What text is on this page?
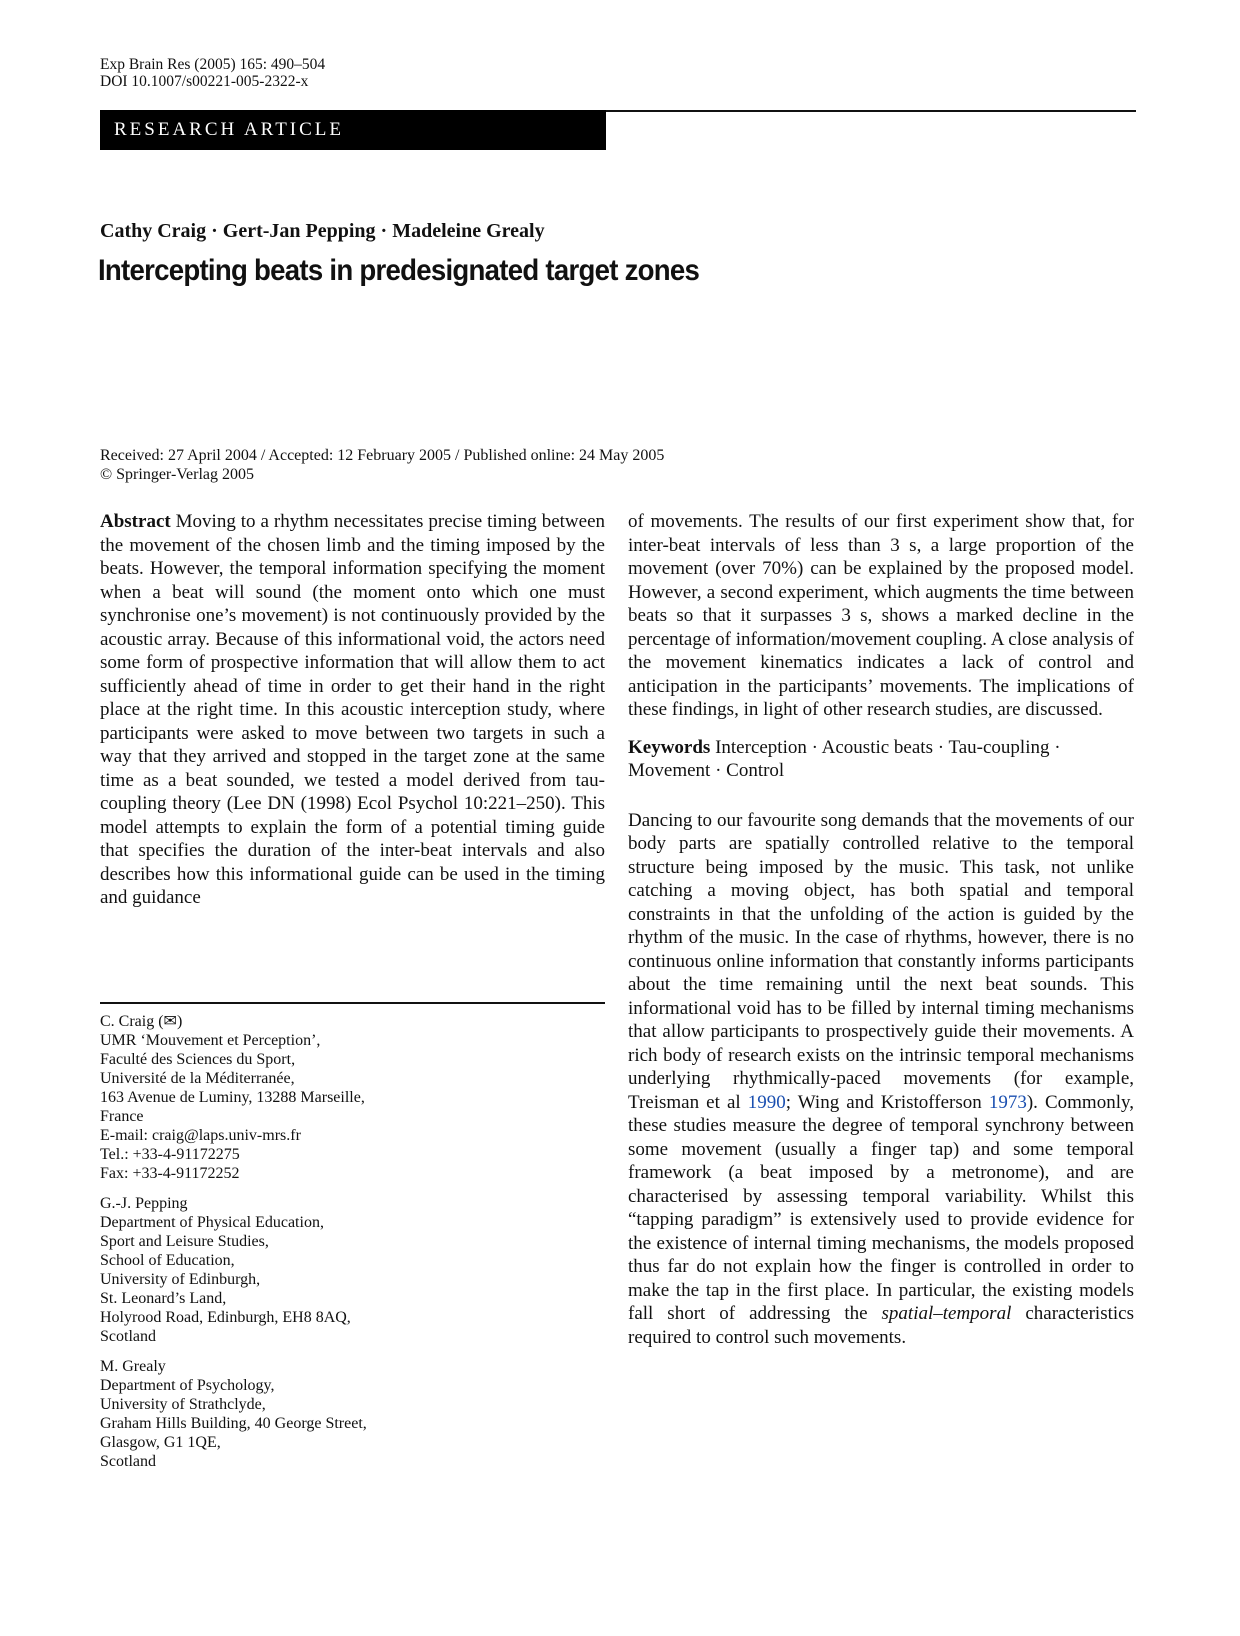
Exp Brain Res (2005) 165: 490–504
DOI 10.1007/s00221-005-2322-x
RESEARCH ARTICLE
Cathy Craig · Gert-Jan Pepping · Madeleine Grealy
Intercepting beats in predesignated target zones
Received: 27 April 2004 / Accepted: 12 February 2005 / Published online: 24 May 2005
© Springer-Verlag 2005

Abstract Moving to a rhythm necessitates precise timing between the movement of the chosen limb and the timing imposed by the beats. However, the temporal information specifying the moment when a beat will sound (the moment onto which one must synchronise one’s movement) is not continuously provided by the acoustic array. Because of this informational void, the actors need some form of prospective information that will allow them to act sufficiently ahead of time in order to get their hand in the right place at the right time. In this acoustic interception study, where participants were asked to move between two targets in such a way that they arrived and stopped in the target zone at the same time as a beat sounded, we tested a model derived from tau-coupling theory (Lee DN (1998) Ecol Psychol 10:221–250). This model attempts to explain the form of a potential timing guide that specifies the duration of the inter-beat intervals and also describes how this informational guide can be used in the timing and guidance

C. Craig (✉)
UMR ‘Mouvement et Perception’,
Faculté des Sciences du Sport,
Université de la Méditerranée,
163 Avenue de Luminy, 13288 Marseille,
France
E-mail: craig@laps.univ-mrs.fr
Tel.: +33-4-91172275
Fax: +33-4-91172252
G.-J. Pepping
Department of Physical Education,
Sport and Leisure Studies,
School of Education,
University of Edinburgh,
St. Leonard’s Land,
Holyrood Road, Edinburgh, EH8 8AQ,
Scotland
M. Grealy
Department of Psychology,
University of Strathclyde,
Graham Hills Building, 40 George Street,
Glasgow, G1 1QE,
Scotland

of movements. The results of our first experiment show that, for inter-beat intervals of less than 3 s, a large proportion of the movement (over 70%) can be explained by the proposed model. However, a second experiment, which augments the time between beats so that it surpasses 3 s, shows a marked decline in the percentage of information/movement coupling. A close analysis of the movement kinematics indicates a lack of control and anticipation in the participants’ movements. The implications of these findings, in light of other research studies, are discussed.

Keywords Interception · Acoustic beats · Tau-coupling · Movement · Control

Dancing to our favourite song demands that the movements of our body parts are spatially controlled relative to the temporal structure being imposed by the music. This task, not unlike catching a moving object, has both spatial and temporal constraints in that the unfolding of the action is guided by the rhythm of the music. In the case of rhythms, however, there is no continuous online information that constantly informs participants about the time remaining until the next beat sounds. This informational void has to be filled by internal timing mechanisms that allow participants to prospectively guide their movements. A rich body of research exists on the intrinsic temporal mechanisms underlying rhythmically-paced movements (for example, Treisman et al 1990; Wing and Kristofferson 1973). Commonly, these studies measure the degree of temporal synchrony between some movement (usually a finger tap) and some temporal framework (a beat imposed by a metronome), and are characterised by assessing temporal variability. Whilst this “tapping paradigm” is extensively used to provide evidence for the existence of internal timing mechanisms, the models proposed thus far do not explain how the finger is controlled in order to make the tap in the first place. In particular, the existing models fall short of addressing the spatial–temporal characteristics required to control such movements.
